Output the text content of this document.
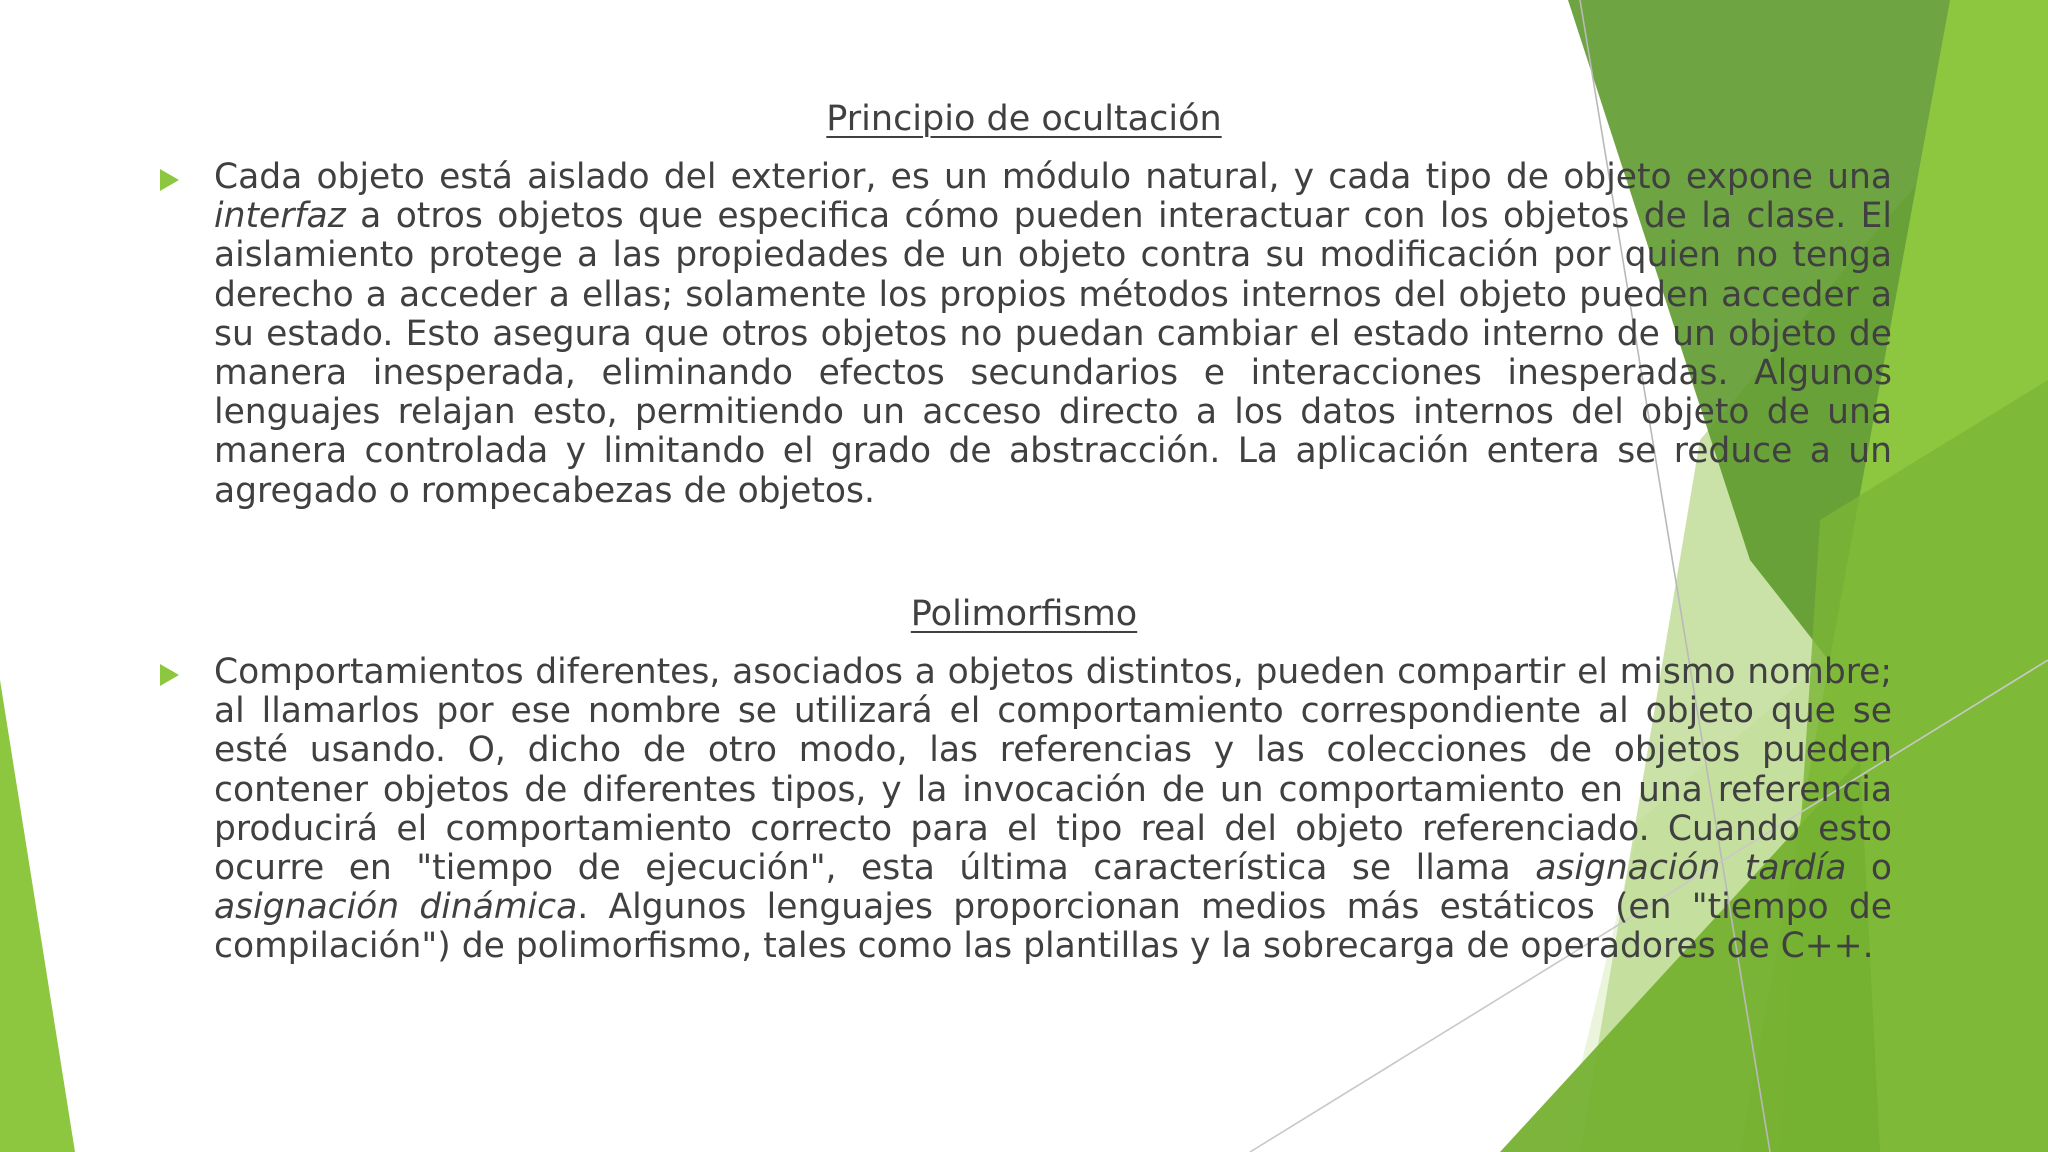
Principio de ocultación

Cada objeto está aislado del exterior, es un módulo natural, y cada tipo de objeto expone una interfaz a otros objetos que especifica cómo pueden interactuar con los objetos de la clase. El aislamiento protege a las propiedades de un objeto contra su modificación por quien no tenga derecho a acceder a ellas; solamente los propios métodos internos del objeto pueden acceder a su estado. Esto asegura que otros objetos no puedan cambiar el estado interno de un objeto de manera inesperada, eliminando efectos secundarios e interacciones inesperadas. Algunos lenguajes relajan esto, permitiendo un acceso directo a los datos internos del objeto de una manera controlada y limitando el grado de abstracción. La aplicación entera se reduce a un agregado o rompecabezas de objetos.

Polimorfismo

Comportamientos diferentes, asociados a objetos distintos, pueden compartir el mismo nombre; al llamarlos por ese nombre se utilizará el comportamiento correspondiente al objeto que se esté usando. O, dicho de otro modo, las referencias y las colecciones de objetos pueden contener objetos de diferentes tipos, y la invocación de un comportamiento en una referencia producirá el comportamiento correcto para el tipo real del objeto referenciado. Cuando esto ocurre en "tiempo de ejecución", esta última característica se llama asignación tardía o asignación dinámica. Algunos lenguajes proporcionan medios más estáticos (en "tiempo de compilación") de polimorfismo, tales como las plantillas y la sobrecarga de operadores de C++.
